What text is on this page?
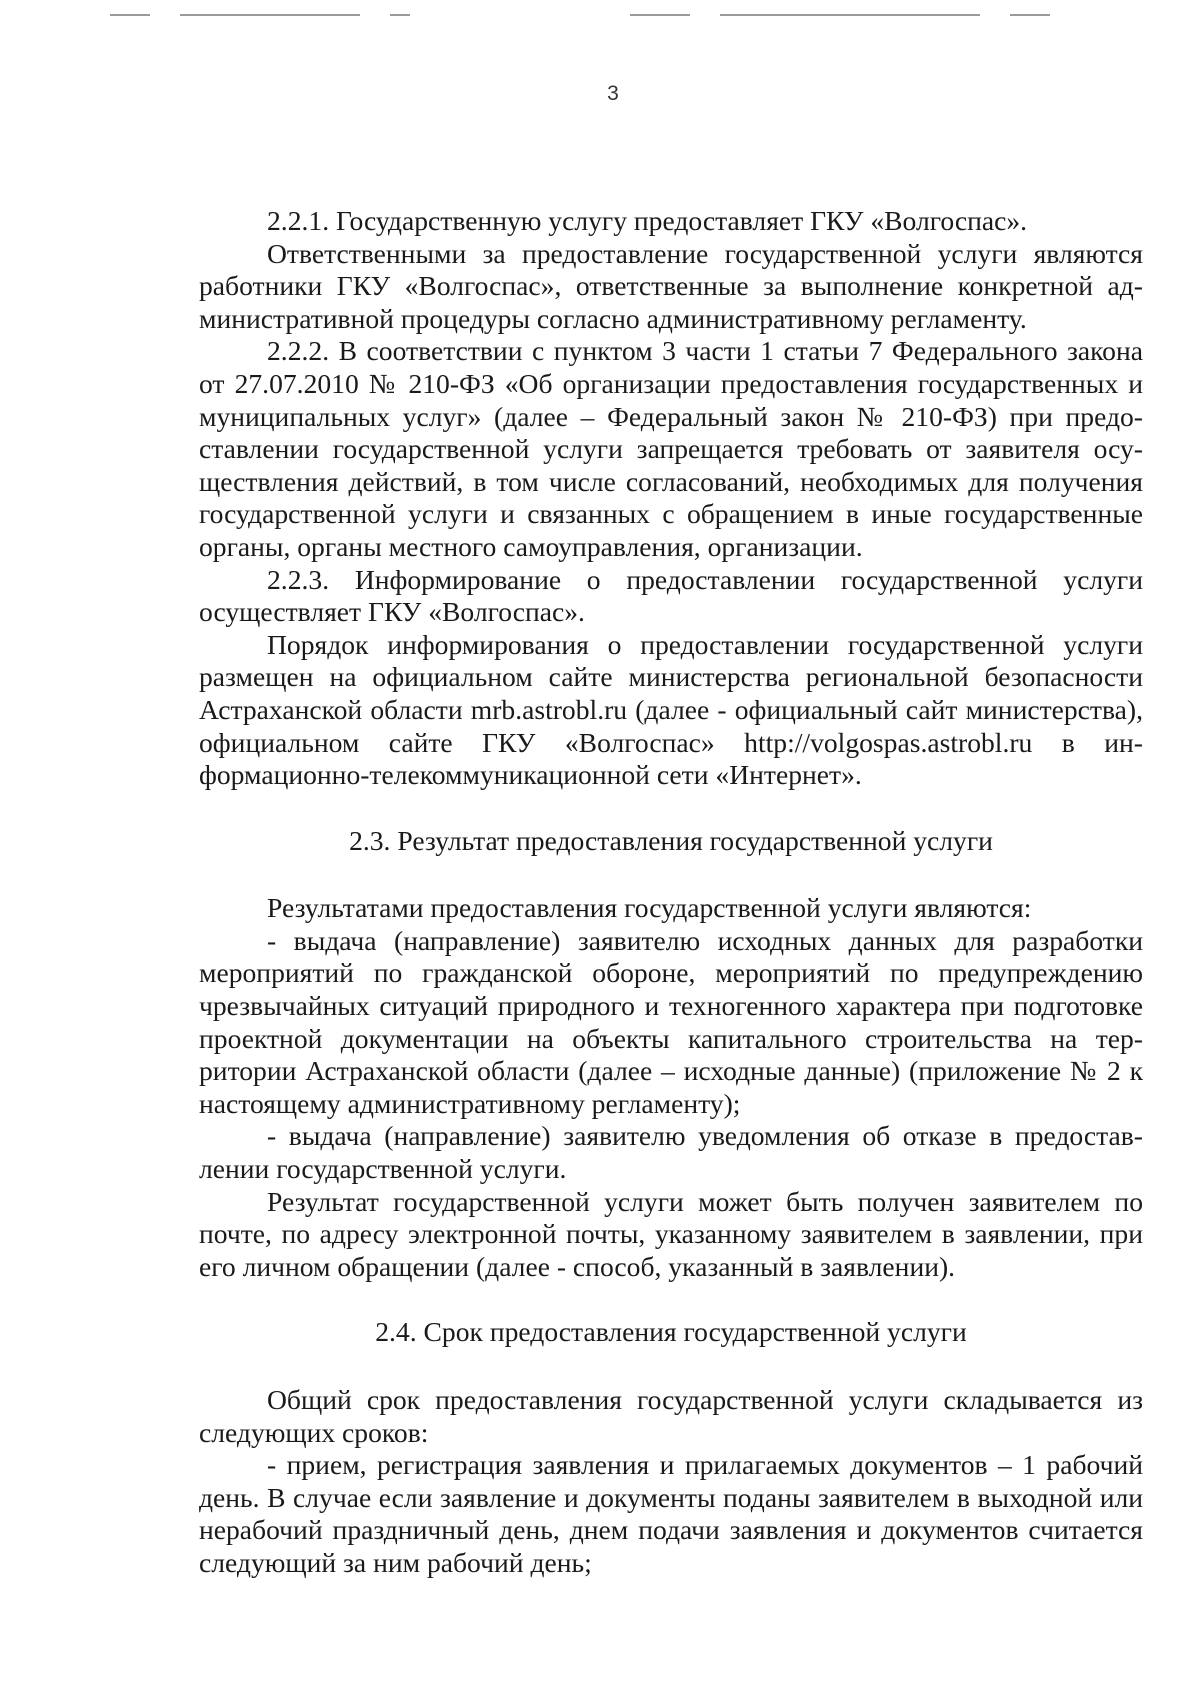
3

2.2.1. Государственную услугу предоставляет ГКУ «Волгоспас».

Ответственными за предоставление государственной услуги являются работники ГКУ «Волгоспас», ответственные за выполнение конкретной административной процедуры согласно административному регламенту.

2.2.2. В соответствии с пунктом 3 части 1 статьи 7 Федерального закона от 27.07.2010 № 210-ФЗ «Об организации предоставления государственных и муниципальных услуг» (далее – Федеральный закон № 210-ФЗ) при предоставлении государственной услуги запрещается требовать от заявителя осуществления действий, в том числе согласований, необходимых для получения государственной услуги и связанных с обращением в иные государственные органы, органы местного самоуправления, организации.

2.2.3. Информирование о предоставлении государственной услуги осуществляет ГКУ «Волгоспас».

Порядок информирования о предоставлении государственной услуги размещен на официальном сайте министерства региональной безопасности Астраханской области mrb.astrobl.ru (далее - официальный сайт министерства), официальном сайте ГКУ «Волгоспас» http://volgospas.astrobl.ru в информационно-телекоммуникационной сети «Интернет».

2.3. Результат предоставления государственной услуги

Результатами предоставления государственной услуги являются:

- выдача (направление) заявителю исходных данных для разработки мероприятий по гражданской обороне, мероприятий по предупреждению чрезвычайных ситуаций природного и техногенного характера при подготовке проектной документации на объекты капитального строительства на территории Астраханской области (далее – исходные данные) (приложение № 2 к настоящему административному регламенту);

- выдача (направление) заявителю уведомления об отказе в предоставлении государственной услуги.

Результат государственной услуги может быть получен заявителем по почте, по адресу электронной почты, указанному заявителем в заявлении, при его личном обращении (далее - способ, указанный в заявлении).

2.4. Срок предоставления государственной услуги

Общий срок предоставления государственной услуги складывается из следующих сроков:

- прием, регистрация заявления и прилагаемых документов – 1 рабочий день. В случае если заявление и документы поданы заявителем в выходной или нерабочий праздничный день, днем подачи заявления и документов считается следующий за ним рабочий день;
